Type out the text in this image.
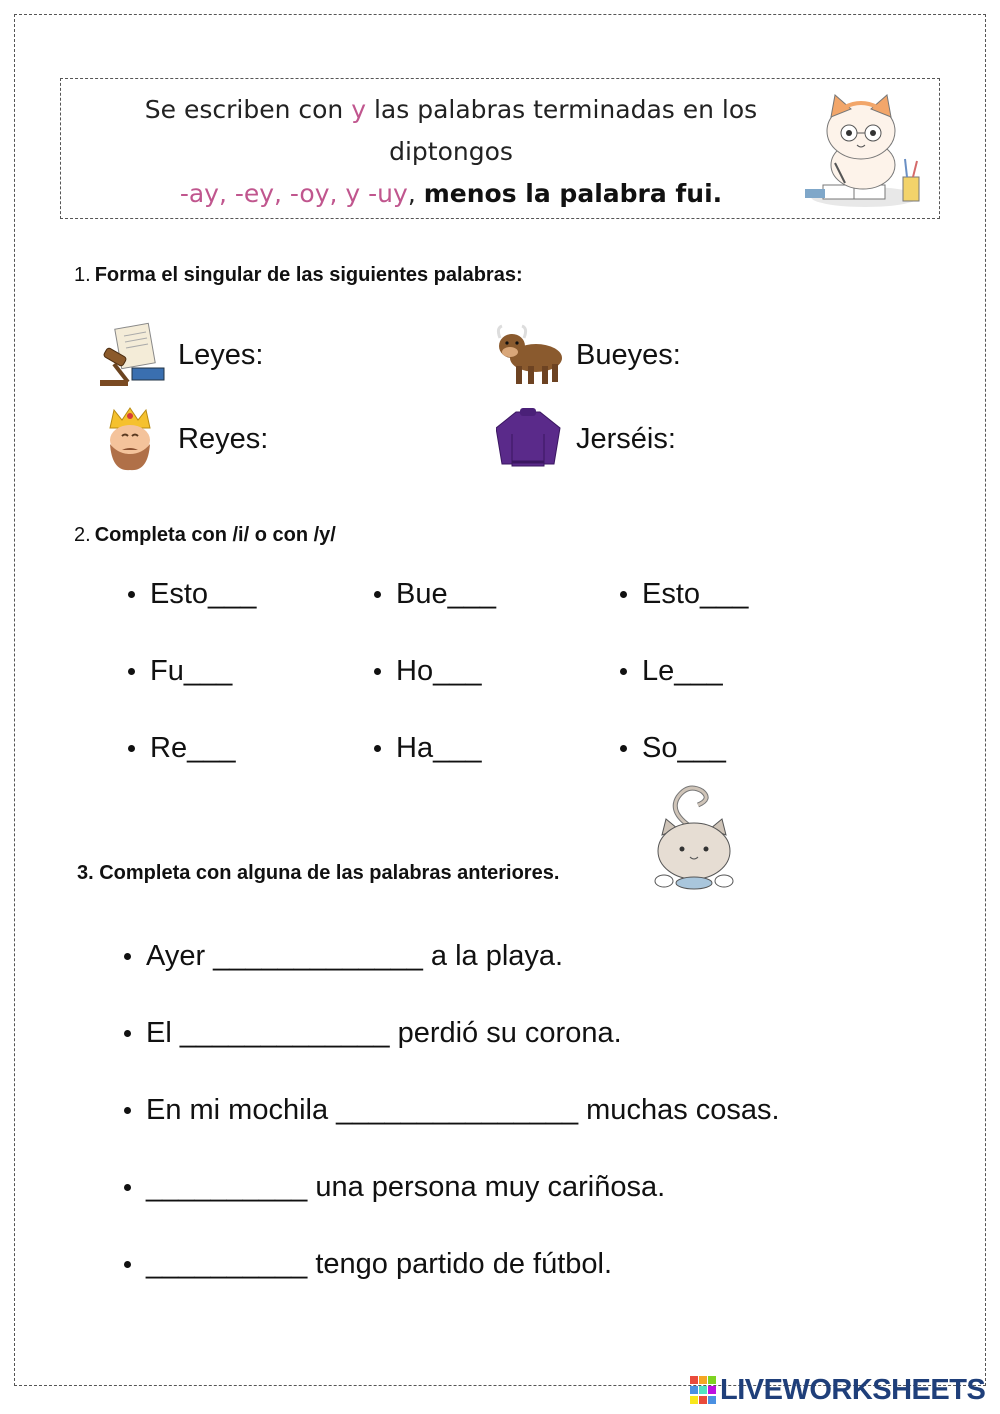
Se escriben con y las palabras terminadas en los diptongos
-ay, -ey, -oy, y -uy, menos la palabra fui.
1. Forma el singular de las siguientes palabras:
Leyes:	Bueyes:
Reyes:	Jerséis:
2. Completa con /i/ o con /y/
Esto___	Bue___	Esto___
Fu___	Ho___	Le___
Re___	Ha___	So___
3. Completa con alguna de las palabras anteriores.
Ayer _____________ a la playa.
El _____________ perdió su corona.
En mi mochila _______________ muchas cosas.
__________ una persona muy cariñosa.
__________ tengo partido de fútbol.
LIVEWORKSHEETS
